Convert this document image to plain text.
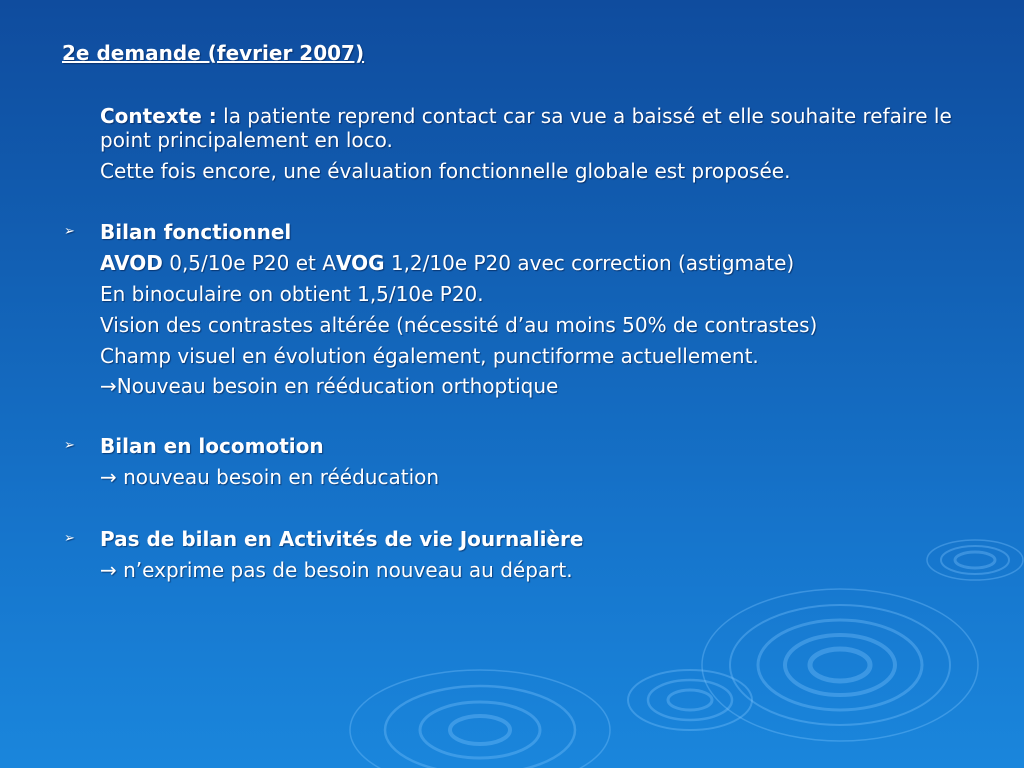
2e demande (fevrier 2007)
Contexte : la patiente reprend contact car sa vue a baissé et elle souhaite refaire le point principalement en loco.
Cette fois encore, une évaluation fonctionnelle globale est proposée.
➢ Bilan fonctionnel
AVOD 0,5/10e P20 et AVOG 1,2/10e P20 avec correction (astigmate)
En binoculaire on obtient 1,5/10e P20.
Vision des contrastes altérée (nécessité d’au moins 50% de contrastes)
Champ visuel en évolution également, punctiforme actuellement.
→Nouveau besoin en rééducation orthoptique
➢ Bilan en locomotion
→ nouveau besoin en rééducation
➢ Pas de bilan en Activités de vie Journalière
→ n’exprime pas de besoin nouveau au départ.
